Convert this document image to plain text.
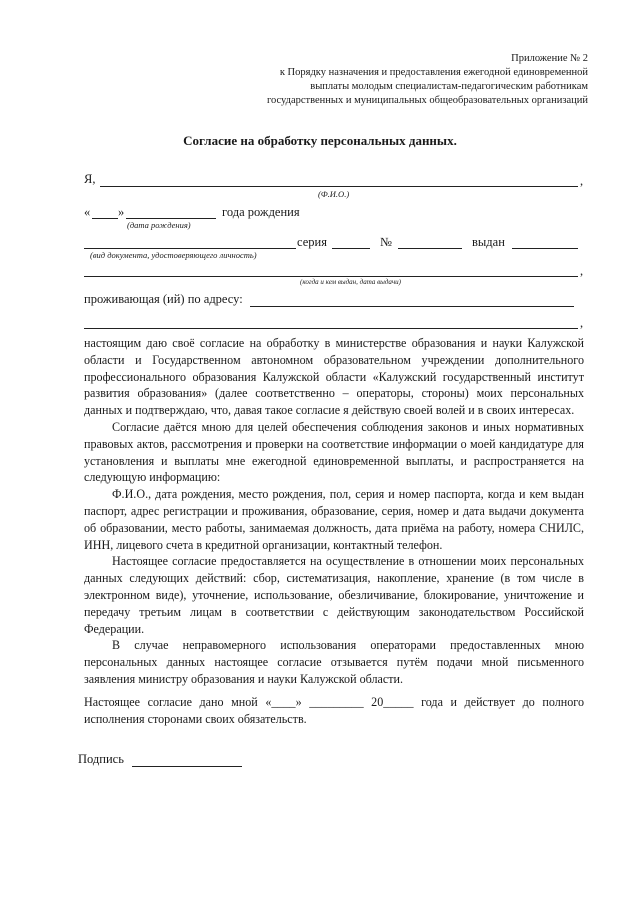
Приложение № 2
к Порядку назначения и предоставления ежегодной единовременной
выплаты молодым специалистам-педагогическим работникам
государственных и муниципальных общеобразовательных организаций
Согласие на обработку персональных данных.
Я,	,
(Ф.И.О.)
« »	года рождения
(дата рождения)
серия	№	выдан
(вид документа, удостоверяющего личность)
,
(когда и кем выдан, дата выдачи)
проживающая (ий) по адресу:
,

настоящим даю своё согласие на обработку в министерстве образования и науки Калужской области и Государственном автономном образовательном учреждении дополнительного профессионального образования Калужской области «Калужский государственный институт развития образования» (далее соответственно – операторы, стороны) моих персональных данных и подтверждаю, что, давая такое согласие я действую своей волей и в своих интересах.

Согласие даётся мною для целей обеспечения соблюдения законов и иных нормативных правовых актов, рассмотрения и проверки на соответствие информации о моей кандидатуре для установления и выплаты мне ежегодной единовременной выплаты, и распространяется на следующую информацию:

Ф.И.О., дата рождения, место рождения, пол, серия и номер паспорта, когда и кем выдан паспорт, адрес регистрации и проживания, образование, серия, номер и дата выдачи документа об образовании, место работы, занимаемая должность, дата приёма на работу, номера СНИЛС, ИНН, лицевого счета в кредитной организации, контактный телефон.

Настоящее согласие предоставляется на осуществление в отношении моих персональных данных следующих действий: сбор, систематизация, накопление, хранение (в том числе в электронном виде), уточнение, использование, обезличивание, блокирование, уничтожение и передачу третьим лицам в соответствии с действующим законодательством Российской Федерации.

В случае неправомерного использования операторами предоставленных мною персональных данных настоящее согласие отзывается путём подачи мной письменного заявления министру образования и науки Калужской области.

Настоящее согласие дано мной «____» _________ 20_____ года и действует до полного исполнения сторонами своих обязательств.

Подпись
